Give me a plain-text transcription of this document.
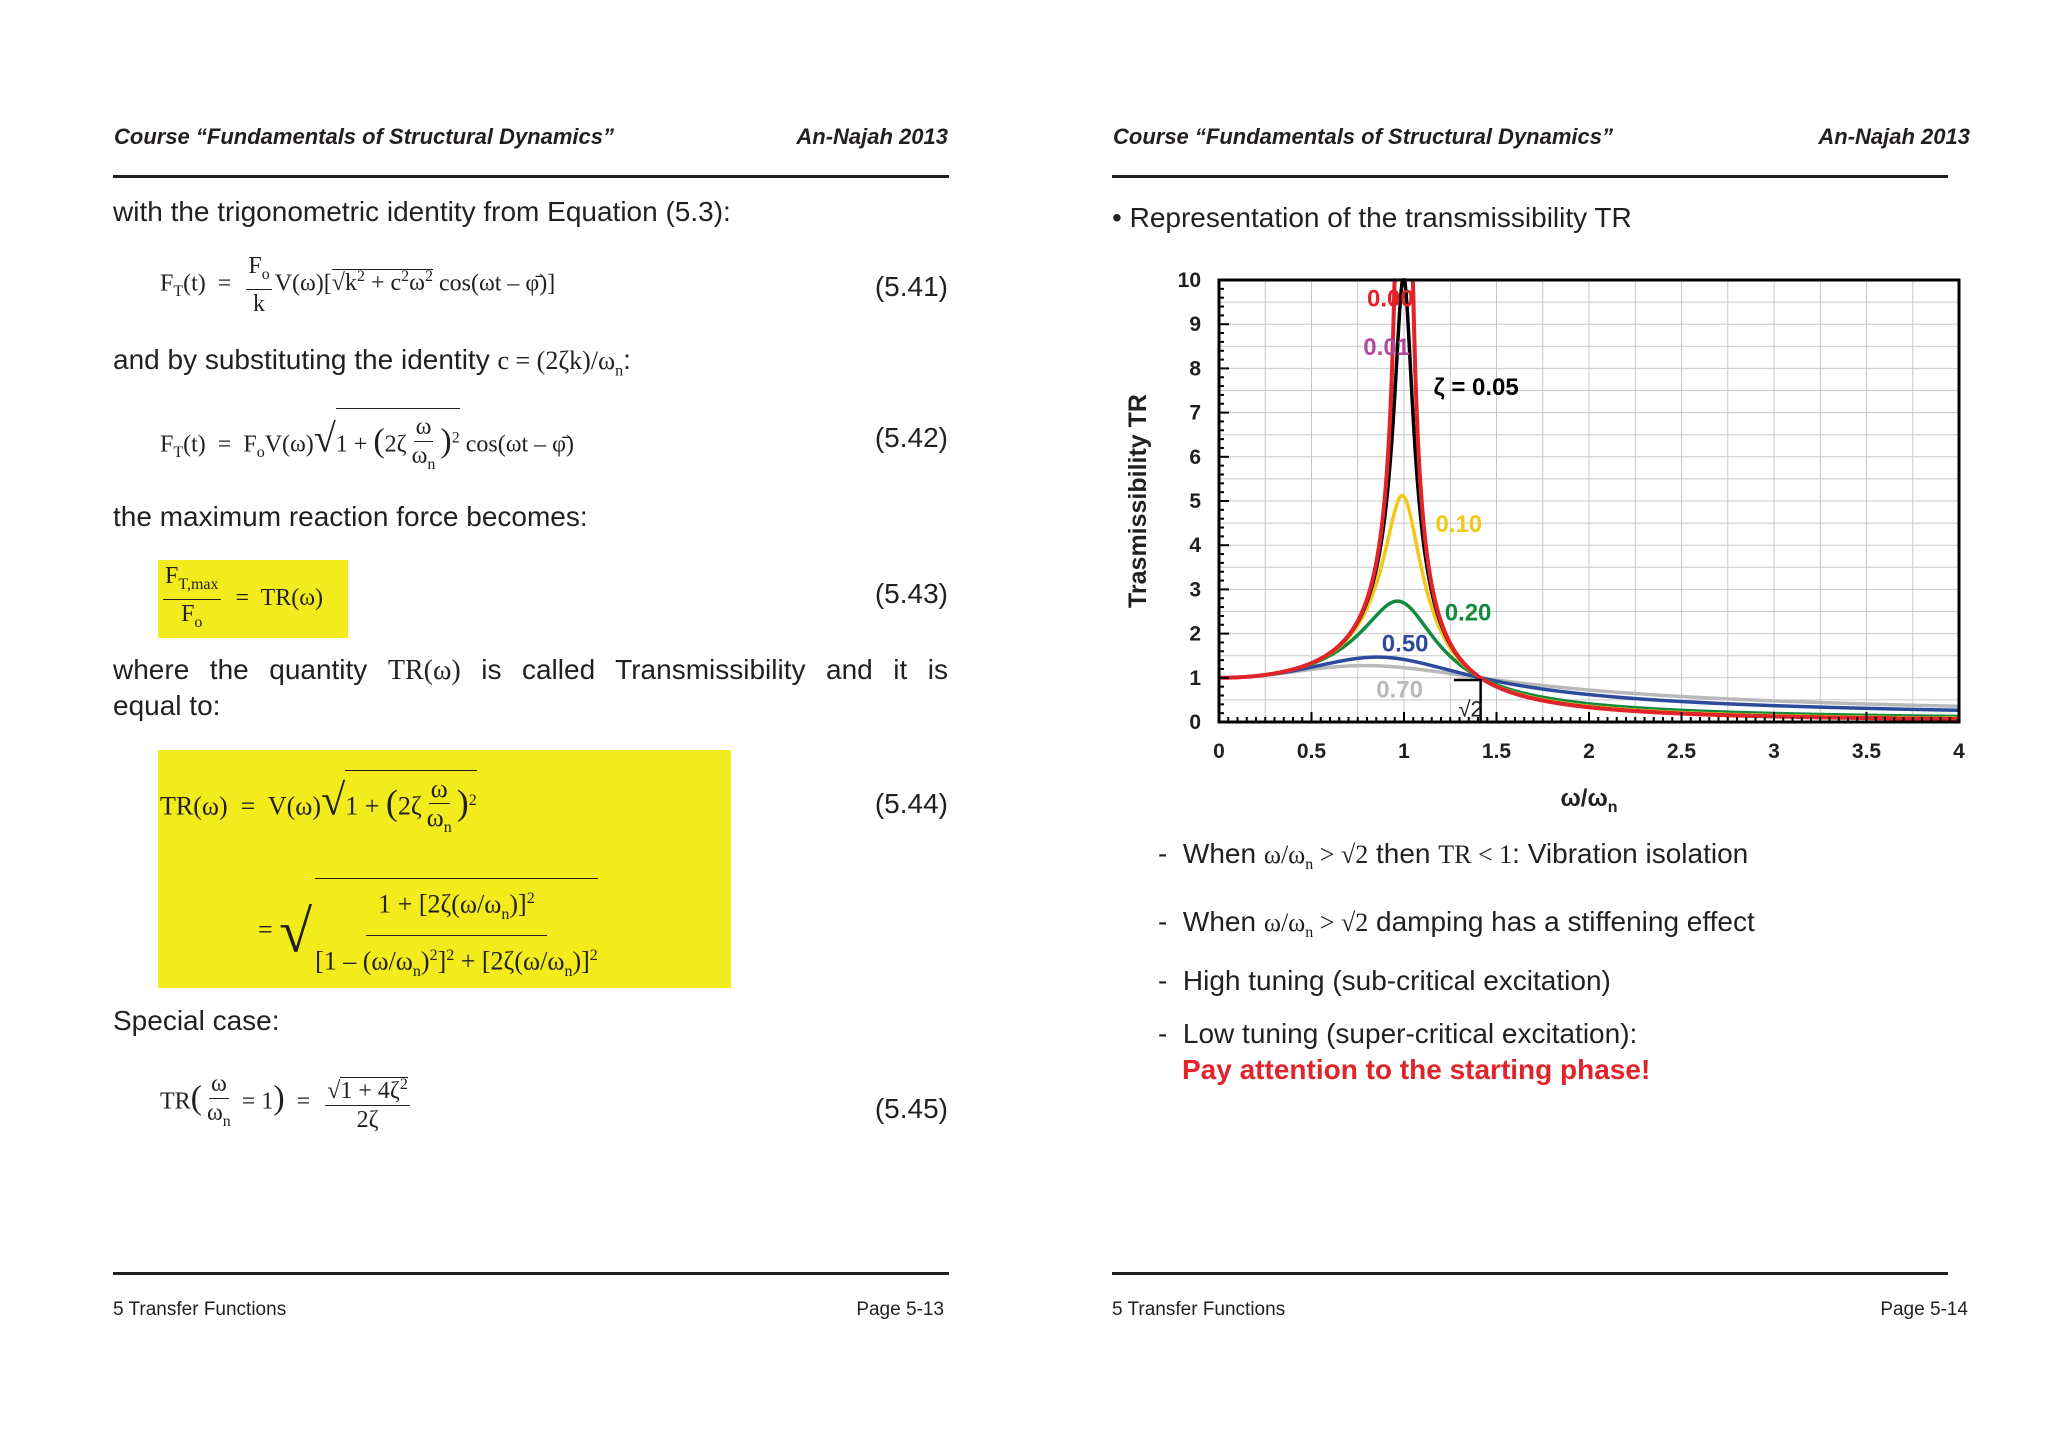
Course “Fundamentals of Structural Dynamics”	An-Najah 2013
with the trigonometric identity from Equation (5.3):
$F_T(t) = \frac{F_o}{k} V(\omega)[√k^2 + c^2\omega^2$ cos(ωt – φ̄)]	(5.41)
and by substituting the identity $c = (2\zeta k)/\omega_n$:
$F_T(t) = F_oV(\omega)√1 + (2\zeta \frac{\omega}{\omega_n} )^2$ cos(ωt – φ̄)	(5.42)
the maximum reaction force becomes:
$\frac{F_{T,max}}{F_o} = TR(\omega)$	(5.43)
where the quantity TR(ω) is called Transmissibility and it is
equal to:
$TR(\omega) = V(\omega)√1 + (2\zeta \frac{\omega}{\omega_n} )^2$	(5.44)
= √ $\frac{1 + [2\zeta(\omega/\omega_n)]^2}{[1 - (\omega/\omega_n)^2]^2 + [2\zeta(\omega/\omega_n)]^2}$
Special case:
$TR( \frac{\omega}{\omega_n} = 1) = \frac{√1 + 4\zeta^2}{2\zeta}$	(5.45)
5 Transfer Functions	Page 5-13
Course “Fundamentals of Structural Dynamics”	An-Najah 2013
• Representation of the transmissibility TR
0	0.5	1	1.5	2	2.5	3	3.5	4
0
1
2
3
4
5
6
7
8
9
10
Trasmissibility TR
$\omega/\omega_n$
√2
0.00
0.01
ζ = 0.05
0.10
0.20
0.50
0.70
-  When $\omega/\omega_n > √2$ then TR < 1: Vibration isolation
-  When $\omega/\omega_n > √2$ damping has a stiffening effect
-  High tuning (sub-critical excitation)
-  Low tuning (super-critical excitation):
Pay attention to the starting phase!
5 Transfer Functions	Page 5-14
